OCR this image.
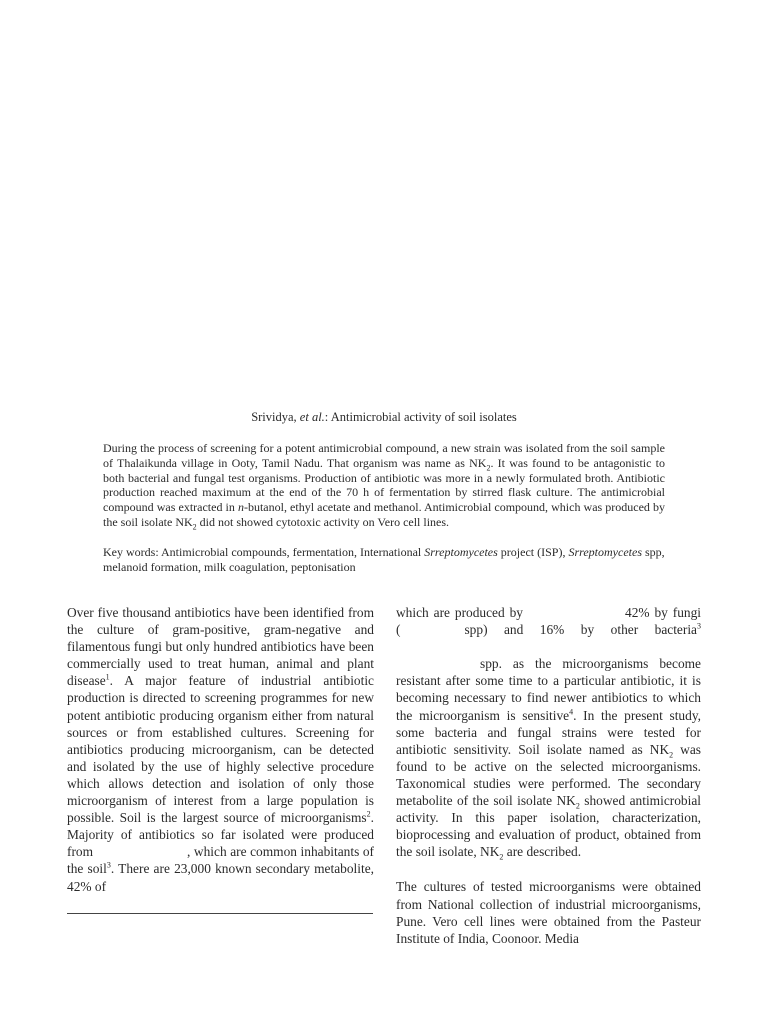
Srividya, et al.: Antimicrobial activity of soil isolates
During the process of screening for a potent antimicrobial compound, a new strain was isolated from the soil sample of Thalaikunda village in Ooty, Tamil Nadu. That organism was name as $NK_2$. It was found to be antagonistic to both bacterial and fungal test organisms. Production of antibiotic was more in a newly formulated broth. Antibiotic production reached maximum at the end of the 70 h of fermentation by stirred flask culture. The antimicrobial compound was extracted in n-butanol, ethyl acetate and methanol. Antimicrobial compound, which was produced by the soil isolate $NK_2$ did not showed cytotoxic activity on Vero cell lines.
Key words: Antimicrobial compounds, fermentation, International Srreptomycetes project (ISP), Srreptomycetes spp, melanoid formation, milk coagulation, peptonisation

Over five thousand antibiotics have been identified from the culture of gram-positive, gram-negative and filamentous fungi but only hundred antibiotics have been commercially used to treat human, animal and plant disease$^1$. A major feature of industrial antibiotic production is directed to screening programmes for new potent antibiotic producing organism either from natural sources or from established cultures. Screening for antibiotics producing microorganism, can be detected and isolated by the use of highly selective procedure which allows detection and isolation of only those microorganism of interest from a large population is possible. Soil is the largest source of microorganisms$^2$. Majority of antibiotics so far isolated were produced from	, which are common inhabitants of the soil$^3$. There are 23,000 known secondary metabolite, 42% of

which are produced by	42% by fungi (	spp) and 16% by other bacteria$^3$spp. as the microorganisms become resistant after some time to a particular antibiotic, it is becoming necessary to find newer antibiotics to which the microorganism is sensitive$^4$. In the present study, some bacteria and fungal strains were tested for antibiotic sensitivity. Soil isolate named as $NK_2$ was found to be active on the selected microorganisms. Taxonomical studies were performed. The secondary metabolite of the soil isolate $NK_2$ showed antimicrobial activity. In this paper isolation, characterization, bioprocessing and evaluation of product, obtained from the soil isolate, $NK_2$ are described.

The cultures of tested microorganisms were obtained from National collection of industrial microorganisms, Pune. Vero cell lines were obtained from the Pasteur Institute of India, Coonoor. Media
